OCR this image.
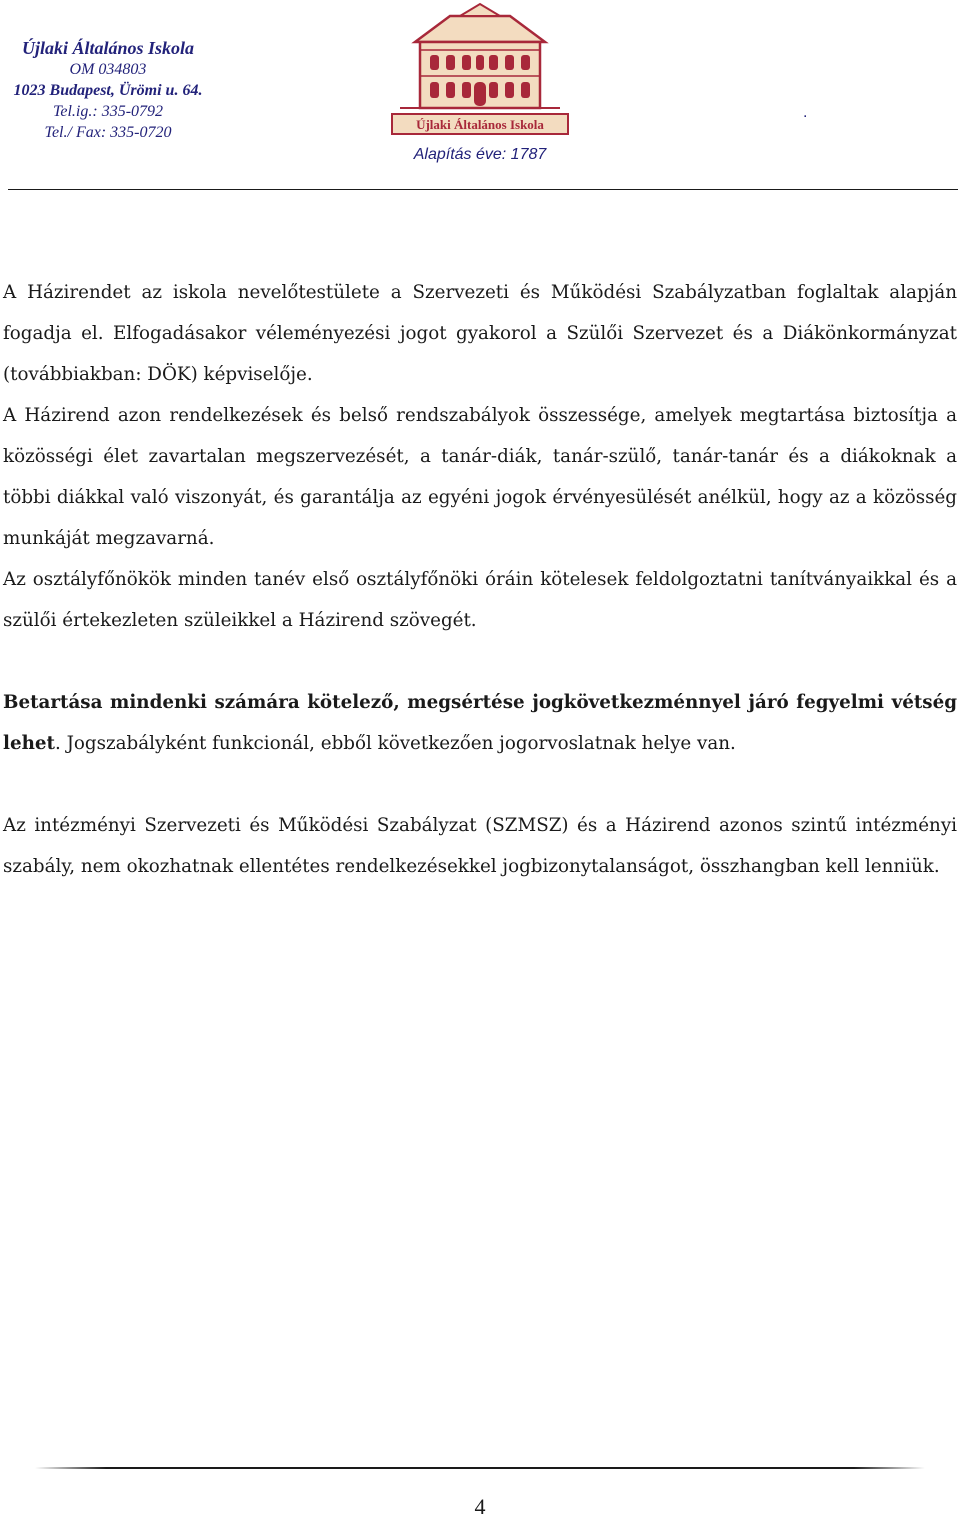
Újlaki Általános Iskola
OM 034803
1023 Budapest, Ürömi u. 64.
Tel.ig.: 335-0792
Tel./ Fax: 335-0720	Újlaki Általános Iskola
Alapítás éve: 1787
.

A Házirendet az iskola nevelőtestülete a Szervezeti és Működési Szabályzatban foglaltak alapján fogadja el. Elfogadásakor véleményezési jogot gyakorol a Szülői Szervezet és a Diákönkormányzat (továbbiakban: DÖK) képviselője.

A Házirend azon rendelkezések és belső rendszabályok összessége, amelyek megtartása biztosítja a közösségi élet zavartalan megszervezését, a tanár-diák, tanár-szülő, tanár-tanár és a diákoknak a többi diákkal való viszonyát, és garantálja az egyéni jogok érvényesülését anélkül, hogy az a közösség munkáját megzavarná.

Az osztályfőnökök minden tanév első osztályfőnöki óráin kötelesek feldolgoztatni tanítványaikkal és a szülői értekezleten szüleikkel a Házirend szövegét.

Betartása mindenki számára kötelező, megsértése jogkövetkezménnyel járó fegyelmi vétség lehet. Jogszabályként funkcionál, ebből következően jogorvoslatnak helye van.

Az intézményi Szervezeti és Működési Szabályzat (SZMSZ) és a Házirend azonos szintű intézményi szabály, nem okozhatnak ellentétes rendelkezésekkel jogbizonytalanságot, összhangban kell lenniük.

4
